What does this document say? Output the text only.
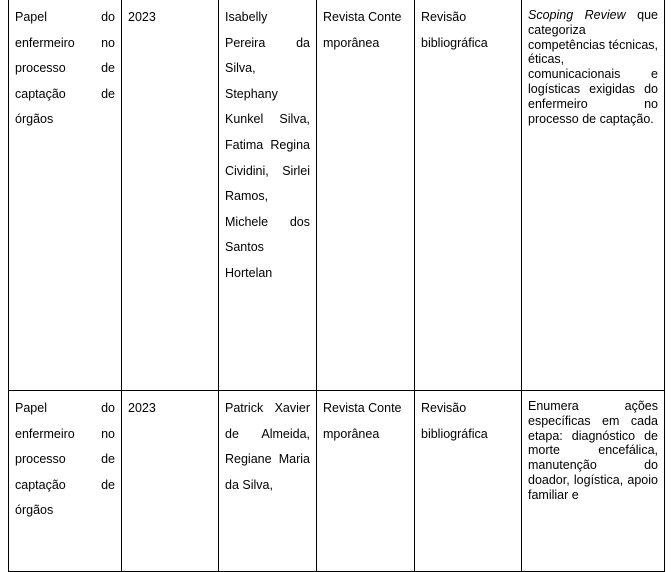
Papel do enfermeiro no processo de captação de órgãos	2023	Isabelly Pereira da Silva, Stephany Kunkel Silva, Fatima Regina Cividini, Sirlei Ramos, Michele dos Santos Hortelan	Revista Contemporânea	Revisão bibliográfica	Scoping Review que categoriza competências técnicas, éticas, comunicacionais e logísticas exigidas do enfermeiro no processo de captação.
Papel do enfermeiro no processo de captação de órgãos	2023	Patrick Xavier de Almeida, Regiane Maria da Silva,	Revista Contemporânea	Revisão bibliográfica	Enumera ações específicas em cada etapa: diagnóstico de morte encefálica, manutenção do doador, logística, apoio familiar e
